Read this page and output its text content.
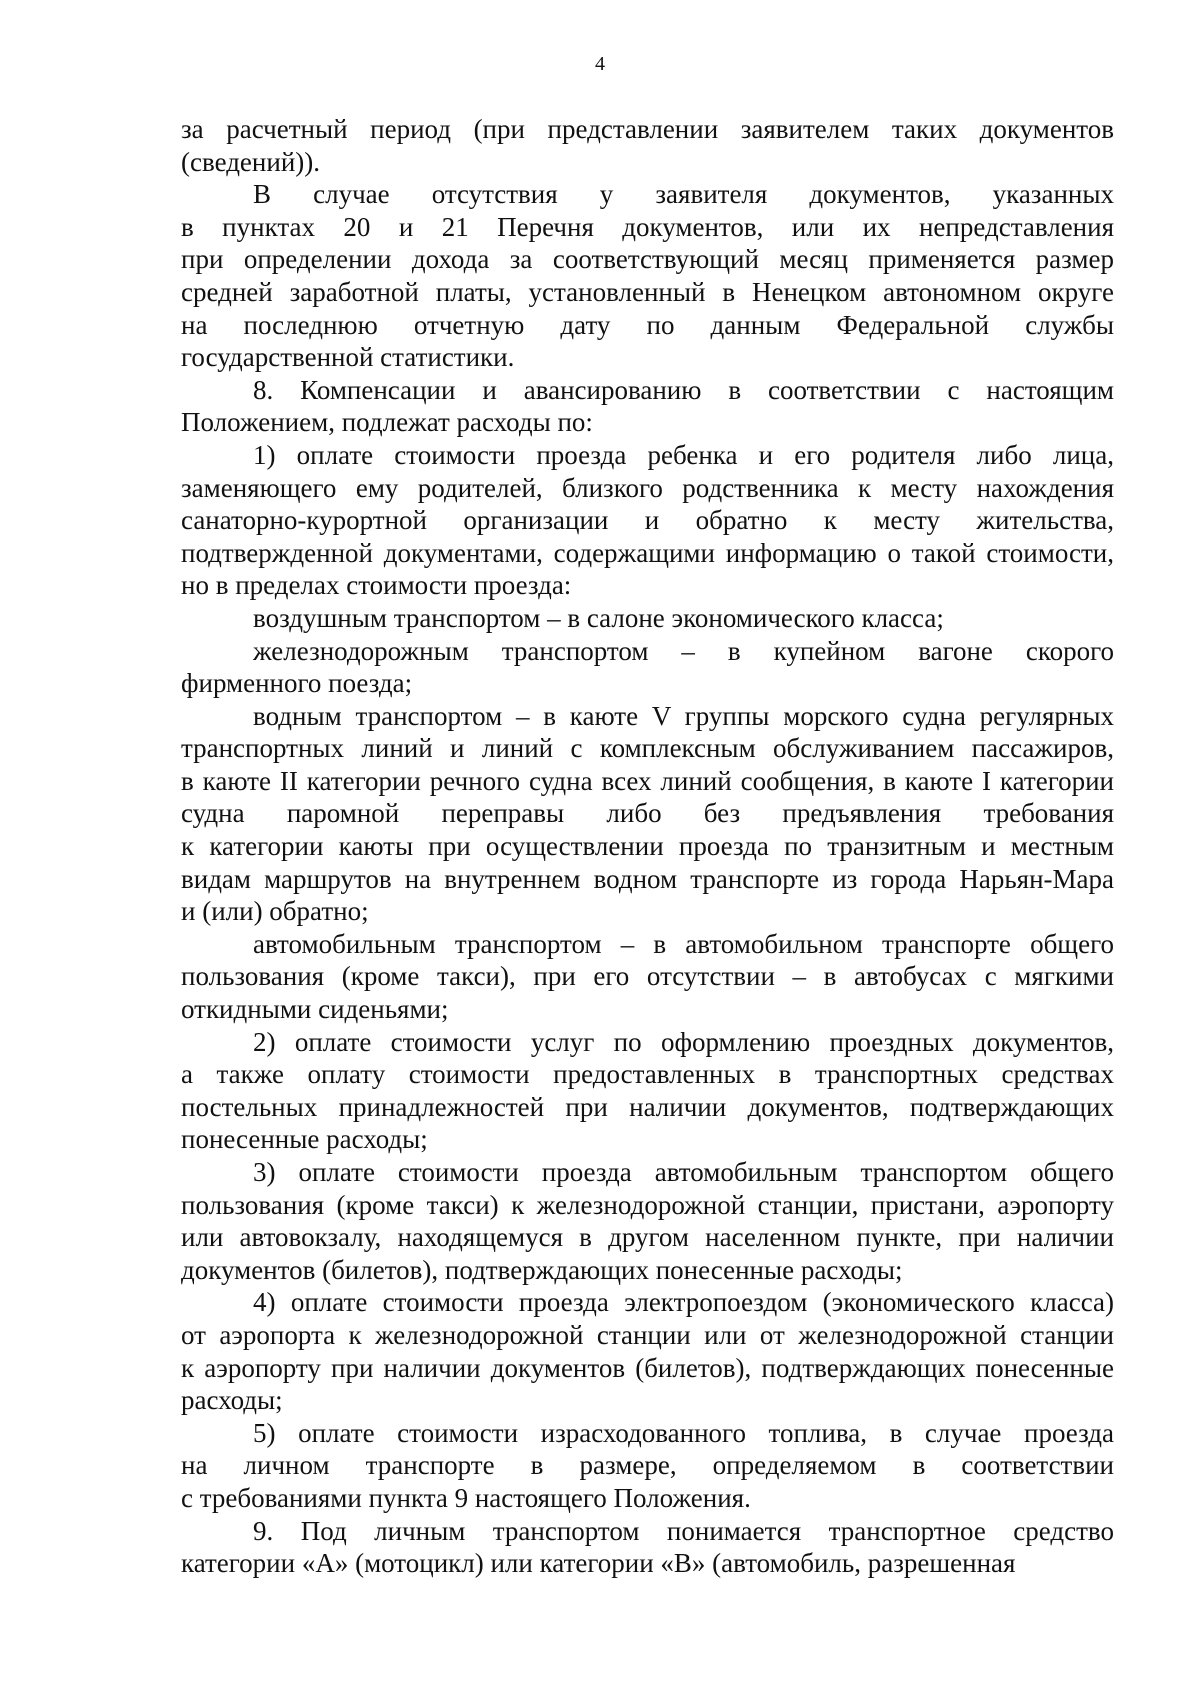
4
за расчетный период (при представлении заявителем таких документов
(сведений)).
В случае отсутствия у заявителя документов, указанных
в пунктах 20 и 21 Перечня документов, или их непредставления
при определении дохода за соответствующий месяц применяется размер
средней заработной платы, установленный в Ненецком автономном округе
на последнюю отчетную дату по данным Федеральной службы
государственной статистики.
8. Компенсации и авансированию в соответствии с настоящим
Положением, подлежат расходы по:
1) оплате стоимости проезда ребенка и его родителя либо лица,
заменяющего ему родителей, близкого родственника к месту нахождения
санаторно-курортной организации и обратно к месту жительства,
подтвержденной документами, содержащими информацию о такой стоимости,
но в пределах стоимости проезда:
воздушным транспортом – в салоне экономического класса;
железнодорожным транспортом – в купейном вагоне скорого
фирменного поезда;
водным транспортом – в каюте V группы морского судна регулярных
транспортных линий и линий с комплексным обслуживанием пассажиров,
в каюте II категории речного судна всех линий сообщения, в каюте I категории
судна паромной переправы либо без предъявления требования
к категории каюты при осуществлении проезда по транзитным и местным
видам маршрутов на внутреннем водном транспорте из города Нарьян-Мара
и (или) обратно;
автомобильным транспортом – в автомобильном транспорте общего
пользования (кроме такси), при его отсутствии – в автобусах с мягкими
откидными сиденьями;
2) оплате стоимости услуг по оформлению проездных документов,
а также оплату стоимости предоставленных в транспортных средствах
постельных принадлежностей при наличии документов, подтверждающих
понесенные расходы;
3) оплате стоимости проезда автомобильным транспортом общего
пользования (кроме такси) к железнодорожной станции, пристани, аэропорту
или автовокзалу, находящемуся в другом населенном пункте, при наличии
документов (билетов), подтверждающих понесенные расходы;
4) оплате стоимости проезда электропоездом (экономического класса)
от аэропорта к железнодорожной станции или от железнодорожной станции
к аэропорту при наличии документов (билетов), подтверждающих понесенные
расходы;
5) оплате стоимости израсходованного топлива, в случае проезда
на личном транспорте в размере, определяемом в соответствии
с требованиями пункта 9 настоящего Положения.
9. Под личным транспортом понимается транспортное средство
категории «А» (мотоцикл) или категории «В» (автомобиль, разрешенная
